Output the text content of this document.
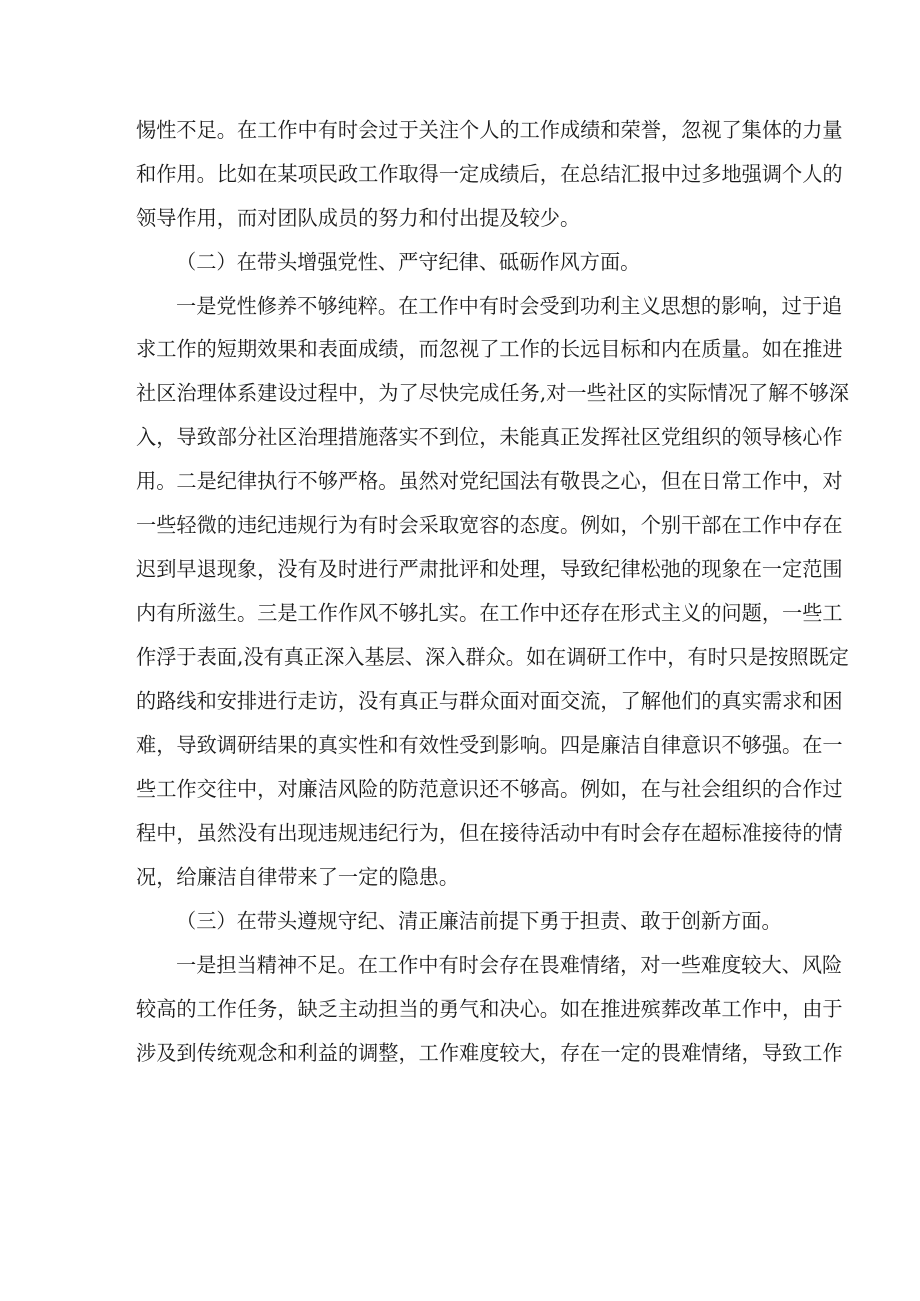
惕性不足。在工作中有时会过于关注个人的工作成绩和荣誉，忽视了集体的力量

和作用。比如在某项民政工作取得一定成绩后，在总结汇报中过多地强调个人的

领导作用，而对团队成员的努力和付出提及较少。

（二）在带头增强党性、严守纪律、砥砺作风方面。

一是党性修养不够纯粹。在工作中有时会受到功利主义思想的影响，过于追

求工作的短期效果和表面成绩，而忽视了工作的长远目标和内在质量。如在推进

社区治理体系建设过程中，为了尽快完成任务,对一些社区的实际情况了解不够深

入，导致部分社区治理措施落实不到位，未能真正发挥社区党组织的领导核心作

用。二是纪律执行不够严格。虽然对党纪国法有敬畏之心，但在日常工作中，对

一些轻微的违纪违规行为有时会采取宽容的态度。例如，个别干部在工作中存在

迟到早退现象，没有及时进行严肃批评和处理，导致纪律松弛的现象在一定范围

内有所滋生。三是工作作风不够扎实。在工作中还存在形式主义的问题，一些工

作浮于表面,没有真正深入基层、深入群众。如在调研工作中，有时只是按照既定

的路线和安排进行走访，没有真正与群众面对面交流，了解他们的真实需求和困

难，导致调研结果的真实性和有效性受到影响。四是廉洁自律意识不够强。在一

些工作交往中，对廉洁风险的防范意识还不够高。例如，在与社会组织的合作过

程中，虽然没有出现违规违纪行为，但在接待活动中有时会存在超标准接待的情

况，给廉洁自律带来了一定的隐患。

（三）在带头遵规守纪、清正廉洁前提下勇于担责、敢于创新方面。

一是担当精神不足。在工作中有时会存在畏难情绪，对一些难度较大、风险

较高的工作任务，缺乏主动担当的勇气和决心。如在推进殡葬改革工作中，由于

涉及到传统观念和利益的调整，工作难度较大，存在一定的畏难情绪，导致工作
